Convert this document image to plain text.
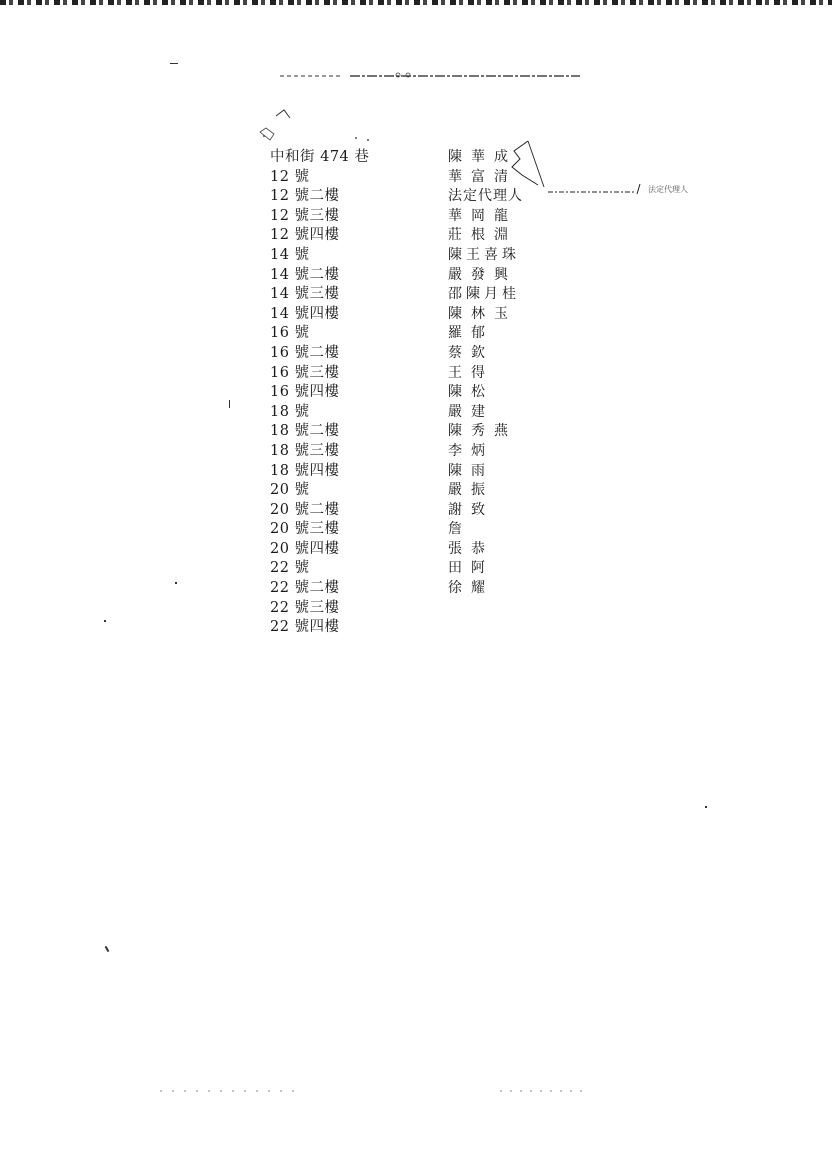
中和街 474 巷
12 號
12 號二樓
12 號三樓
12 號四樓
14 號
14 號二樓
14 號三樓
14 號四樓
16 號
16 號二樓
16 號三樓
16 號四樓
18 號
18 號二樓
18 號三樓
18 號四樓
20 號
20 號二樓
20 號三樓
20 號四樓
22 號
22 號二樓
22 號三樓
22 號四樓
陳華成
華富清
法定代理人
華岡龍
莊根淵
陳王喜珠
嚴發興
邵陳月桂
陳林玉
羅郁
蔡欽
王得
陳松
嚴建
陳秀燕
李炳
陳雨
嚴振
謝致
詹
張恭
田阿
徐耀
法定代理人
